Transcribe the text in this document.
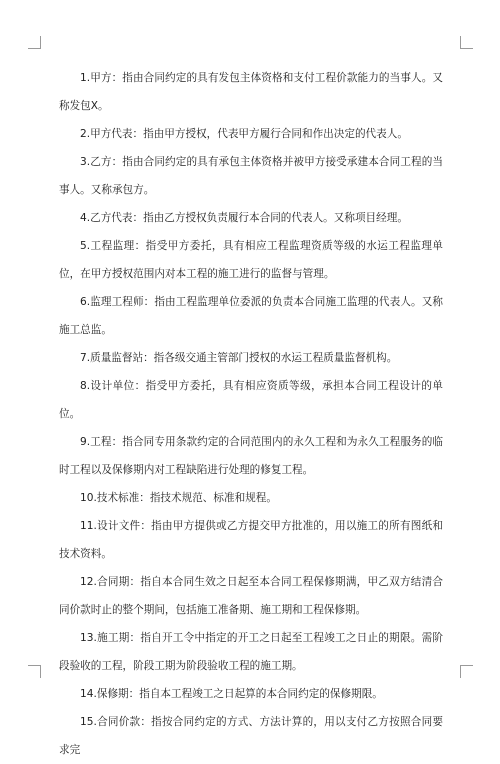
1.甲方：指由合同约定的具有发包主体资格和支付工程价款能力的当事人。又称发包X。

2.甲方代表：指由甲方授权，代表甲方履行合同和作出决定的代表人。

3.乙方：指由合同约定的具有承包主体资格并被甲方接受承建本合同工程的当事人。又称承包方。

4.乙方代表：指由乙方授权负责履行本合同的代表人。又称项目经理。

5.工程监理：指受甲方委托，具有相应工程监理资质等级的水运工程监理单位，在甲方授权范围内对本工程的施工进行的监督与管理。

6.监理工程师：指由工程监理单位委派的负责本合同施工监理的代表人。又称施工总监。

7.质量监督站：指各级交通主管部门授权的水运工程质量监督机构。

8.设计单位：指受甲方委托，具有相应资质等级，承担本合同工程设计的单位。

9.工程：指合同专用条款约定的合同范围内的永久工程和为永久工程服务的临时工程以及保修期内对工程缺陷进行处理的修复工程。

10.技术标准：指技术规范、标准和规程。

11.设计文件：指由甲方提供或乙方提交甲方批准的，用以施工的所有图纸和技术资料。

12.合同期：指自本合同生效之日起至本合同工程保修期满，甲乙双方结清合同价款时止的整个期间，包括施工准备期、施工期和工程保修期。

13.施工期：指自开工令中指定的开工之日起至工程竣工之日止的期限。需阶段验收的工程，阶段工期为阶段验收工程的施工期。

14.保修期：指自本工程竣工之日起算的本合同约定的保修期限。

15.合同价款：指按合同约定的方式、方法计算的，用以支付乙方按照合同要求完
